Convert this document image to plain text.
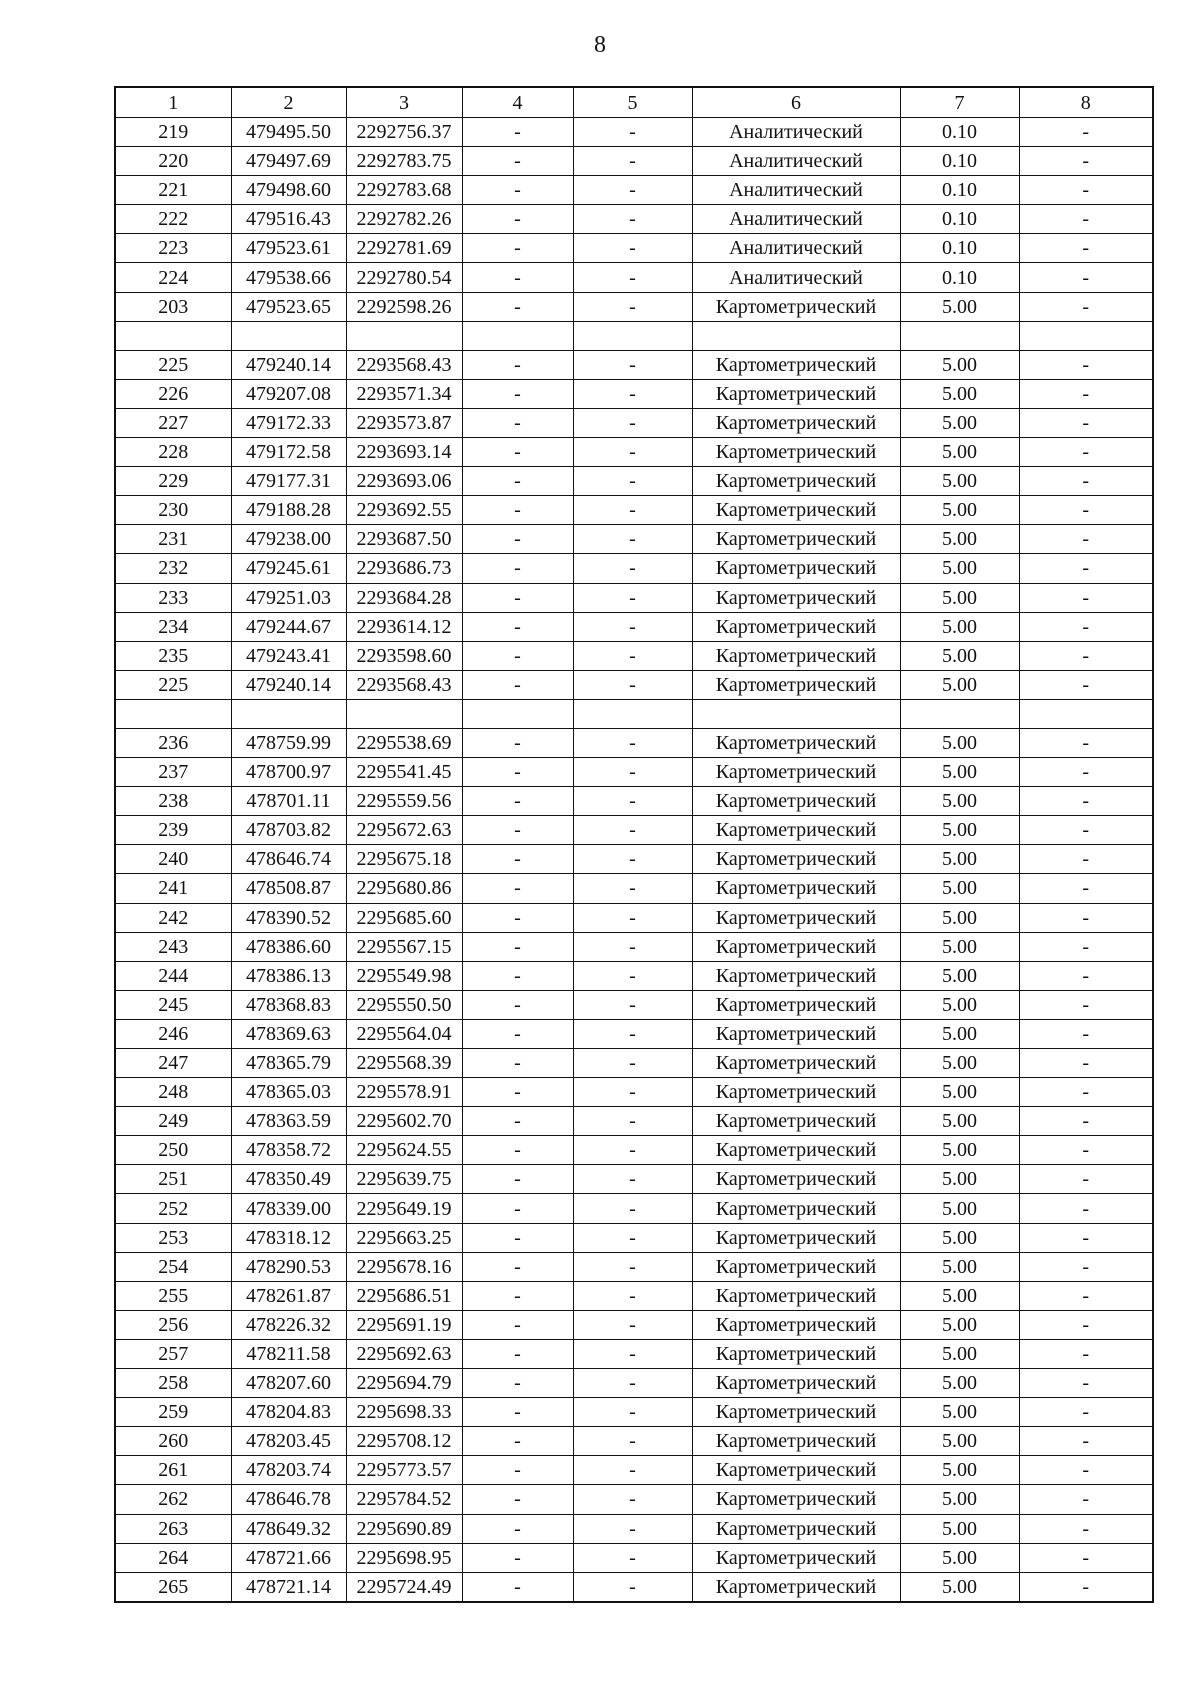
8
1	2	3	4	5	6	7	8
219	479495.50	2292756.37	-	-	Аналитический	0.10	-
220	479497.69	2292783.75	-	-	Аналитический	0.10	-
221	479498.60	2292783.68	-	-	Аналитический	0.10	-
222	479516.43	2292782.26	-	-	Аналитический	0.10	-
223	479523.61	2292781.69	-	-	Аналитический	0.10	-
224	479538.66	2292780.54	-	-	Аналитический	0.10	-
203	479523.65	2292598.26	-	-	Картометрический	5.00	-

225	479240.14	2293568.43	-	-	Картометрический	5.00	-
226	479207.08	2293571.34	-	-	Картометрический	5.00	-
227	479172.33	2293573.87	-	-	Картометрический	5.00	-
228	479172.58	2293693.14	-	-	Картометрический	5.00	-
229	479177.31	2293693.06	-	-	Картометрический	5.00	-
230	479188.28	2293692.55	-	-	Картометрический	5.00	-
231	479238.00	2293687.50	-	-	Картометрический	5.00	-
232	479245.61	2293686.73	-	-	Картометрический	5.00	-
233	479251.03	2293684.28	-	-	Картометрический	5.00	-
234	479244.67	2293614.12	-	-	Картометрический	5.00	-
235	479243.41	2293598.60	-	-	Картометрический	5.00	-
225	479240.14	2293568.43	-	-	Картометрический	5.00	-

236	478759.99	2295538.69	-	-	Картометрический	5.00	-
237	478700.97	2295541.45	-	-	Картометрический	5.00	-
238	478701.11	2295559.56	-	-	Картометрический	5.00	-
239	478703.82	2295672.63	-	-	Картометрический	5.00	-
240	478646.74	2295675.18	-	-	Картометрический	5.00	-
241	478508.87	2295680.86	-	-	Картометрический	5.00	-
242	478390.52	2295685.60	-	-	Картометрический	5.00	-
243	478386.60	2295567.15	-	-	Картометрический	5.00	-
244	478386.13	2295549.98	-	-	Картометрический	5.00	-
245	478368.83	2295550.50	-	-	Картометрический	5.00	-
246	478369.63	2295564.04	-	-	Картометрический	5.00	-
247	478365.79	2295568.39	-	-	Картометрический	5.00	-
248	478365.03	2295578.91	-	-	Картометрический	5.00	-
249	478363.59	2295602.70	-	-	Картометрический	5.00	-
250	478358.72	2295624.55	-	-	Картометрический	5.00	-
251	478350.49	2295639.75	-	-	Картометрический	5.00	-
252	478339.00	2295649.19	-	-	Картометрический	5.00	-
253	478318.12	2295663.25	-	-	Картометрический	5.00	-
254	478290.53	2295678.16	-	-	Картометрический	5.00	-
255	478261.87	2295686.51	-	-	Картометрический	5.00	-
256	478226.32	2295691.19	-	-	Картометрический	5.00	-
257	478211.58	2295692.63	-	-	Картометрический	5.00	-
258	478207.60	2295694.79	-	-	Картометрический	5.00	-
259	478204.83	2295698.33	-	-	Картометрический	5.00	-
260	478203.45	2295708.12	-	-	Картометрический	5.00	-
261	478203.74	2295773.57	-	-	Картометрический	5.00	-
262	478646.78	2295784.52	-	-	Картометрический	5.00	-
263	478649.32	2295690.89	-	-	Картометрический	5.00	-
264	478721.66	2295698.95	-	-	Картометрический	5.00	-
265	478721.14	2295724.49	-	-	Картометрический	5.00	-
